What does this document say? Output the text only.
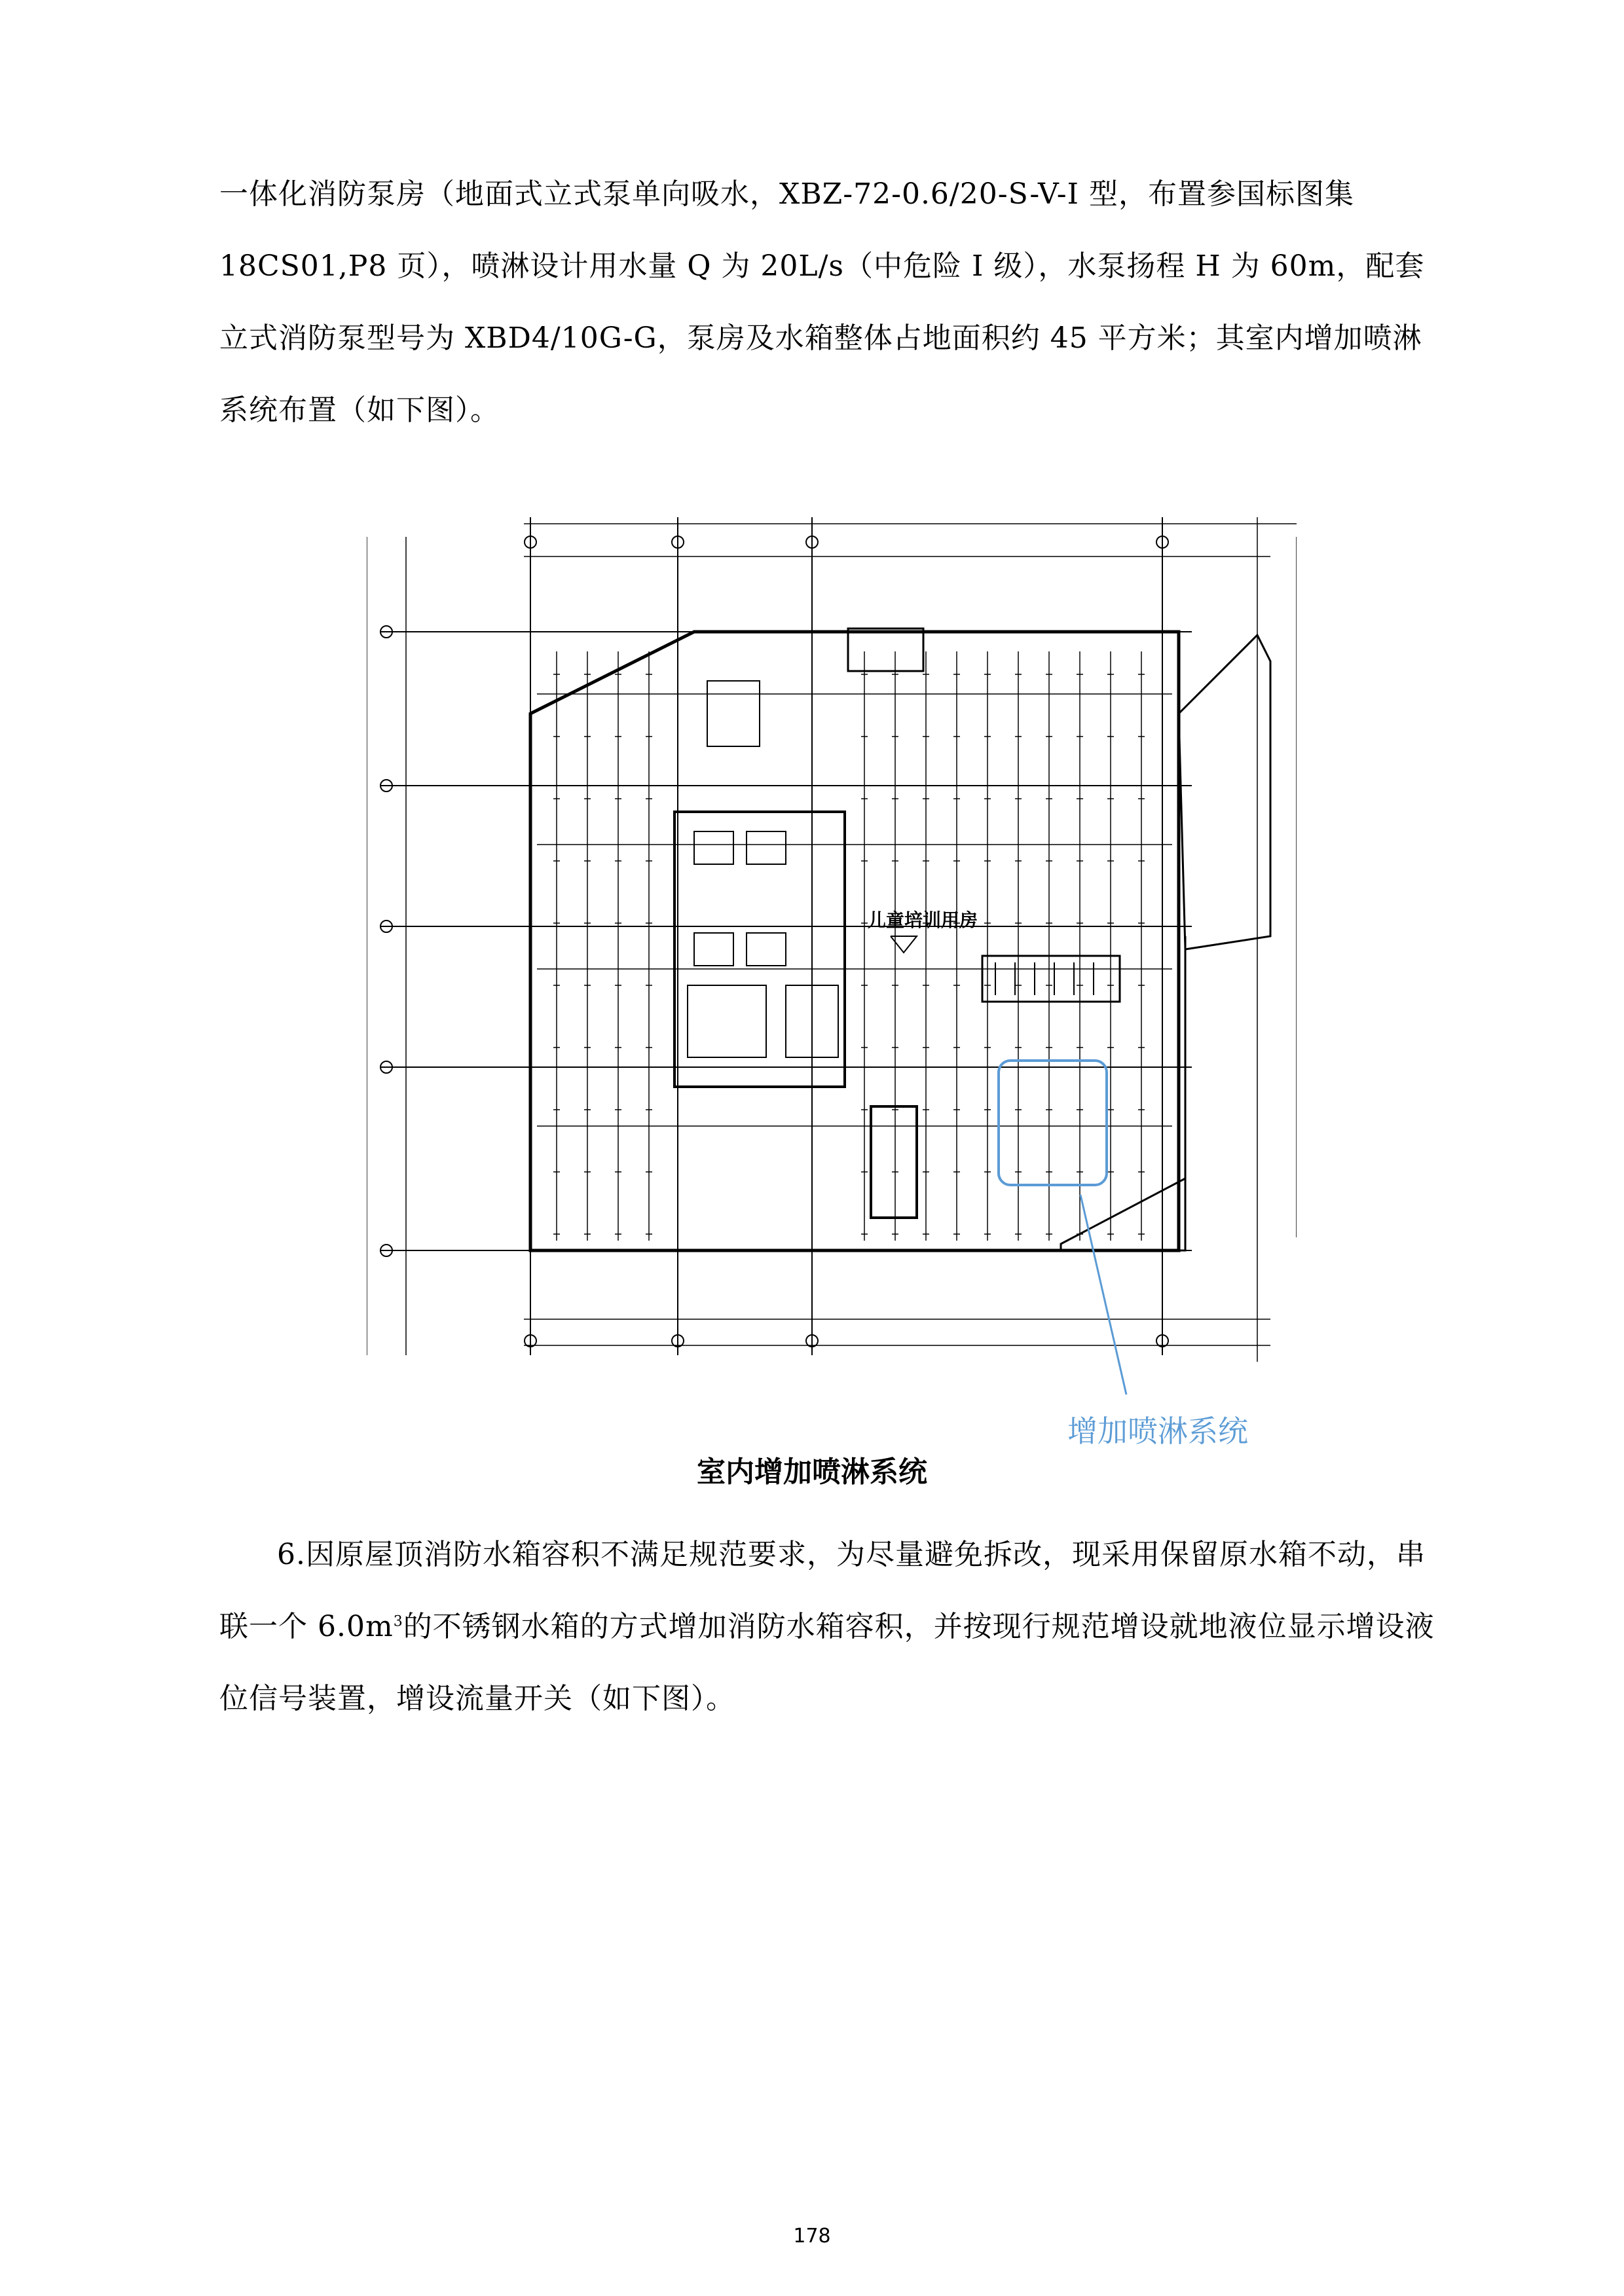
一体化消防泵房（地面式立式泵单向吸水，XBZ-72-0.6/20-S-V-I 型，布置参国标图集18CS01,P8 页），喷淋设计用水量 Q 为 20L/s（中危险 I 级），水泵扬程 H 为 60m，配套立式消防泵型号为 XBD4/10G-G，泵房及水箱整体占地面积约 45 平方米；其室内增加喷淋系统布置（如下图）。

儿童培训用房

增加喷淋系统

室内增加喷淋系统

6.因原屋顶消防水箱容积不满足规范要求，为尽量避免拆改，现采用保留原水箱不动，串联一个 $6.0m^3$的不锈钢水箱的方式增加消防水箱容积，并按现行规范增设就地液位显示增设液位信号装置，增设流量开关（如下图）。

178
